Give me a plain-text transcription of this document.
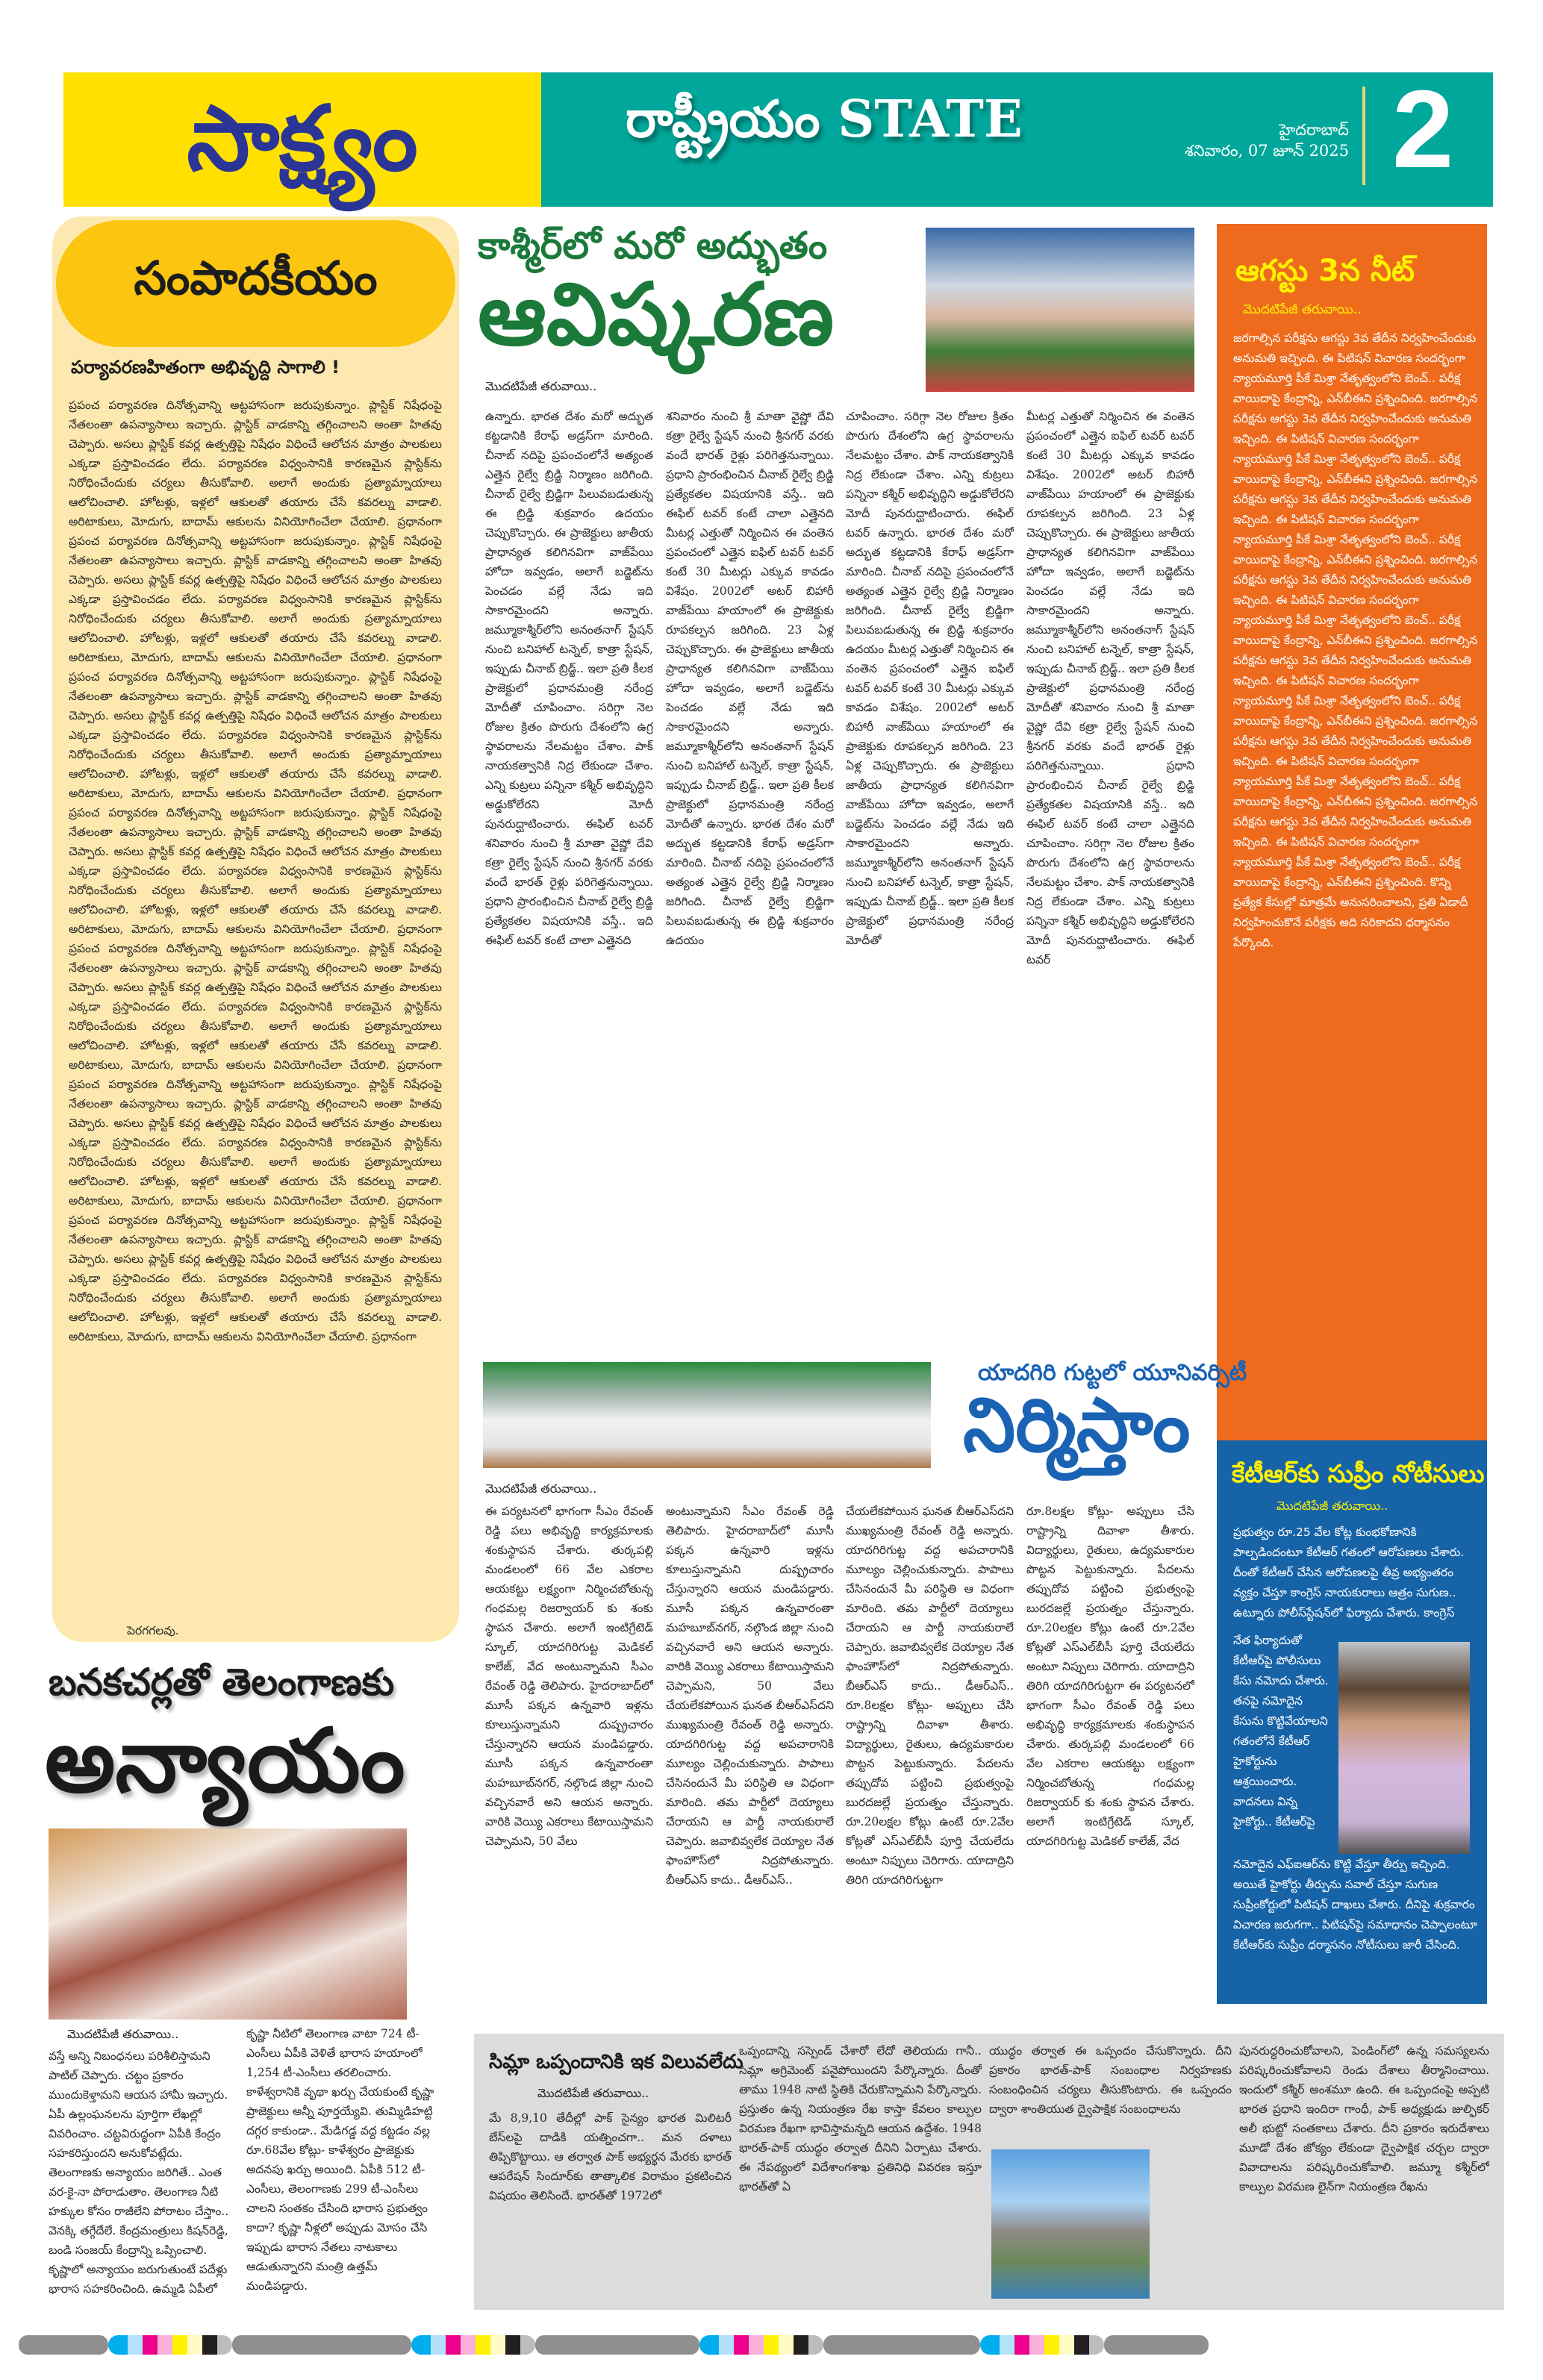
సాక్ష్యం	రాష్ట్రీయం STATE	హైదరాబాద్
శనివారం, 07 జూన్ 2025 2
సంపాదకీయం
పర్యావరణహితంగా అభివృద్ది సాగాలి !
ప్రపంచ పర్యావరణ దినోత్సవాన్ని అట్టహాసంగా జరుపుకున్నాం. ప్లాస్టిక్ నిషేధంపై నేతలంతా ఉపన్యాసాలు ఇచ్చారు. ప్లాస్టిక్ వాడకాన్ని తగ్గించాలని అంతా హితవు చెప్పారు. అసలు ప్లాస్టిక్ కవర్ల ఉత్పత్తిపై నిషేధం విధించే ఆలోచన మాత్రం పాలకులు ఎక్కడా ప్రస్తావించడం లేదు. పర్యావరణ విధ్వంసానికి కారణమైన ప్లాస్టిక్‌ను నిరోధించేందుకు చర్యలు తీసుకోవాలి. అలాగే అందుకు ప్రత్యామ్నాయాలు ఆలోచించాలి. హోటళ్లు, ఇళ్లలో ఆకులతో తయారు చేసే కవరల్ను వాడాలి. అరిటాకులు, మోదుగు, బాదామ్ ఆకులను వినియోగించేలా చేయాలి. ప్రధానంగా ప్రపంచ పర్యావరణ దినోత్సవాన్ని అట్టహాసంగా జరుపుకున్నాం. ప్లాస్టిక్ నిషేధంపై నేతలంతా ఉపన్యాసాలు ఇచ్చారు. ప్లాస్టిక్ వాడకాన్ని తగ్గించాలని అంతా హితవు చెప్పారు. అసలు ప్లాస్టిక్ కవర్ల ఉత్పత్తిపై నిషేధం విధించే ఆలోచన మాత్రం పాలకులు ఎక్కడా ప్రస్తావించడం లేదు. పర్యావరణ విధ్వంసానికి కారణమైన ప్లాస్టిక్‌ను నిరోధించేందుకు చర్యలు తీసుకోవాలి. అలాగే అందుకు ప్రత్యామ్నాయాలు ఆలోచించాలి. హోటళ్లు, ఇళ్లలో ఆకులతో తయారు చేసే కవరల్ను వాడాలి. అరిటాకులు, మోదుగు, బాదామ్ ఆకులను వినియోగించేలా చేయాలి. ప్రధానంగా ప్రపంచ పర్యావరణ దినోత్సవాన్ని అట్టహాసంగా జరుపుకున్నాం. ప్లాస్టిక్ నిషేధంపై నేతలంతా ఉపన్యాసాలు ఇచ్చారు. ప్లాస్టిక్ వాడకాన్ని తగ్గించాలని అంతా హితవు చెప్పారు. అసలు ప్లాస్టిక్ కవర్ల ఉత్పత్తిపై నిషేధం విధించే ఆలోచన మాత్రం పాలకులు ఎక్కడా ప్రస్తావించడం లేదు. పర్యావరణ విధ్వంసానికి కారణమైన ప్లాస్టిక్‌ను నిరోధించేందుకు చర్యలు తీసుకోవాలి. అలాగే అందుకు ప్రత్యామ్నాయాలు ఆలోచించాలి. హోటళ్లు, ఇళ్లలో ఆకులతో తయారు చేసే కవరల్ను వాడాలి. అరిటాకులు, మోదుగు, బాదామ్ ఆకులను వినియోగించేలా చేయాలి. ప్రధానంగా ప్రపంచ పర్యావరణ దినోత్సవాన్ని అట్టహాసంగా జరుపుకున్నాం. ప్లాస్టిక్ నిషేధంపై నేతలంతా ఉపన్యాసాలు ఇచ్చారు. ప్లాస్టిక్ వాడకాన్ని తగ్గించాలని అంతా హితవు చెప్పారు. అసలు ప్లాస్టిక్ కవర్ల ఉత్పత్తిపై నిషేధం విధించే ఆలోచన మాత్రం పాలకులు ఎక్కడా ప్రస్తావించడం లేదు. పర్యావరణ విధ్వంసానికి కారణమైన ప్లాస్టిక్‌ను నిరోధించేందుకు చర్యలు తీసుకోవాలి. అలాగే అందుకు ప్రత్యామ్నాయాలు ఆలోచించాలి. హోటళ్లు, ఇళ్లలో ఆకులతో తయారు చేసే కవరల్ను వాడాలి. అరిటాకులు, మోదుగు, బాదామ్ ఆకులను వినియోగించేలా చేయాలి. ప్రధానంగా ప్రపంచ పర్యావరణ దినోత్సవాన్ని అట్టహాసంగా జరుపుకున్నాం. ప్లాస్టిక్ నిషేధంపై నేతలంతా ఉపన్యాసాలు ఇచ్చారు. ప్లాస్టిక్ వాడకాన్ని తగ్గించాలని అంతా హితవు చెప్పారు. అసలు ప్లాస్టిక్ కవర్ల ఉత్పత్తిపై నిషేధం విధించే ఆలోచన మాత్రం పాలకులు ఎక్కడా ప్రస్తావించడం లేదు. పర్యావరణ విధ్వంసానికి కారణమైన ప్లాస్టిక్‌ను నిరోధించేందుకు చర్యలు తీసుకోవాలి. అలాగే అందుకు ప్రత్యామ్నాయాలు ఆలోచించాలి. హోటళ్లు, ఇళ్లలో ఆకులతో తయారు చేసే కవరల్ను వాడాలి. అరిటాకులు, మోదుగు, బాదామ్ ఆకులను వినియోగించేలా చేయాలి. ప్రధానంగా ప్రపంచ పర్యావరణ దినోత్సవాన్ని అట్టహాసంగా జరుపుకున్నాం. ప్లాస్టిక్ నిషేధంపై నేతలంతా ఉపన్యాసాలు ఇచ్చారు. ప్లాస్టిక్ వాడకాన్ని తగ్గించాలని అంతా హితవు చెప్పారు. అసలు ప్లాస్టిక్ కవర్ల ఉత్పత్తిపై నిషేధం విధించే ఆలోచన మాత్రం పాలకులు ఎక్కడా ప్రస్తావించడం లేదు. పర్యావరణ విధ్వంసానికి కారణమైన ప్లాస్టిక్‌ను నిరోధించేందుకు చర్యలు తీసుకోవాలి. అలాగే అందుకు ప్రత్యామ్నాయాలు ఆలోచించాలి. హోటళ్లు, ఇళ్లలో ఆకులతో తయారు చేసే కవరల్ను వాడాలి. అరిటాకులు, మోదుగు, బాదామ్ ఆకులను వినియోగించేలా చేయాలి. ప్రధానంగా ప్రపంచ పర్యావరణ దినోత్సవాన్ని అట్టహాసంగా జరుపుకున్నాం. ప్లాస్టిక్ నిషేధంపై నేతలంతా ఉపన్యాసాలు ఇచ్చారు. ప్లాస్టిక్ వాడకాన్ని తగ్గించాలని అంతా హితవు చెప్పారు. అసలు ప్లాస్టిక్ కవర్ల ఉత్పత్తిపై నిషేధం విధించే ఆలోచన మాత్రం పాలకులు ఎక్కడా ప్రస్తావించడం లేదు. పర్యావరణ విధ్వంసానికి కారణమైన ప్లాస్టిక్‌ను నిరోధించేందుకు చర్యలు తీసుకోవాలి. అలాగే అందుకు ప్రత్యామ్నాయాలు ఆలోచించాలి. హోటళ్లు, ఇళ్లలో ఆకులతో తయారు చేసే కవరల్ను వాడాలి. అరిటాకులు, మోదుగు, బాదామ్ ఆకులను వినియోగించేలా చేయాలి. ప్రధానంగా
పెరగగలవు.
కాశ్మీర్‌లో మరో అద్భుతం
ఆవిష్కరణ
మొదటిపేజీ తరువాయి..
ఉన్నారు. భారత దేశం మరో అద్భుత కట్టడానికి కేరాఫ్ అడ్రస్‌గా మారింది. చీనాబ్ నదిపై ప్రపంచంలోనే అత్యంత ఎత్తైన రైల్వే బ్రిడ్జి నిర్మాణం జరిగింది. చీనాబ్ రైల్వే బ్రిడ్జిగా పిలువబడుతున్న ఈ బ్రిడ్జి శుక్రవారం ఉదయం చెప్పుకొచ్చారు. ఈ ప్రాజెక్టులు జాతీయ ప్రాధాన్యత కలిగినవిగా వాజ్‌పేయి హోదా ఇవ్వడం, అలాగే బడ్జెట్‌ను పెంచడం వల్లే నేడు ఇది సాకారమైందని అన్నారు. జమ్మూకాశ్మీర్‌లోని అనంతనాగ్ స్టేషన్ నుంచి బనిహాల్ టన్నెల్, కాత్రా స్టేషన్, ఇప్పుడు చీనాబ్ బ్రిడ్జ్.. ఇలా ప్రతి కీలక ప్రాజెక్టులో ప్రధానమంత్రి నరేంద్ర మోదీతో చూపించాం. సరిగ్గా నెల రోజుల క్రితం పొరుగు దేశంలోని ఉగ్ర స్థావరాలను నేలమట్టం చేశాం. పాక్ నాయకత్వానికి నిద్ర లేకుండా చేశాం. ఎన్ని కుట్రలు పన్నినా కశ్మీర్ అభివృద్ధిని అడ్డుకోలేరని మోదీ పునరుద్ఘాటించారు. ఈఫిల్ టవర్ శనివారం నుంచి శ్రీ మాతా వైష్ణో దేవి కత్రా రైల్వే స్టేషన్ నుంచి శ్రీనగర్ వరకు వందే భారత్ రైళ్లు పరిగెత్తనున్నాయి. ప్రధాని ప్రారంభించిన చీనాబ్ రైల్వే బ్రిడ్జి ప్రత్యేకతల విషయానికి వస్తే.. ఇది ఈఫిల్ టవర్ కంటే చాలా ఎత్తైనది
శనివారం నుంచి శ్రీ మాతా వైష్ణో దేవి కత్రా రైల్వే స్టేషన్ నుంచి శ్రీనగర్ వరకు వందే భారత్ రైళ్లు పరిగెత్తనున్నాయి. ప్రధాని ప్రారంభించిన చీనాబ్ రైల్వే బ్రిడ్జి ప్రత్యేకతల విషయానికి వస్తే.. ఇది ఈఫిల్ టవర్ కంటే చాలా ఎత్తైనది మీటర్ల ఎత్తుతో నిర్మించిన ఈ వంతెన ప్రపంచంలో ఎత్తైన ఐఫిల్ టవర్ టవర్ కంటే 30 మీటర్లు ఎక్కువ కావడం విశేషం. 2002లో అటర్ బిహారీ వాజ్‌పేయి హయాంలో ఈ ప్రాజెక్టుకు రూపకల్పన జరిగింది. 23 ఏళ్ల చెప్పుకొచ్చారు. ఈ ప్రాజెక్టులు జాతీయ ప్రాధాన్యత కలిగినవిగా వాజ్‌పేయి హోదా ఇవ్వడం, అలాగే బడ్జెట్‌ను పెంచడం వల్లే నేడు ఇది సాకారమైందని అన్నారు. జమ్మూకాశ్మీర్‌లోని అనంతనాగ్ స్టేషన్ నుంచి బనిహాల్ టన్నెల్, కాత్రా స్టేషన్, ఇప్పుడు చీనాబ్ బ్రిడ్జ్.. ఇలా ప్రతి కీలక ప్రాజెక్టులో ప్రధానమంత్రి నరేంద్ర మోదీతో ఉన్నారు. భారత దేశం మరో అద్భుత కట్టడానికి కేరాఫ్ అడ్రస్‌గా మారింది. చీనాబ్ నదిపై ప్రపంచంలోనే అత్యంత ఎత్తైన రైల్వే బ్రిడ్జి నిర్మాణం జరిగింది. చీనాబ్ రైల్వే బ్రిడ్జిగా పిలువబడుతున్న ఈ బ్రిడ్జి శుక్రవారం ఉదయం
చూపించాం. సరిగ్గా నెల రోజుల క్రితం పొరుగు దేశంలోని ఉగ్ర స్థావరాలను నేలమట్టం చేశాం. పాక్ నాయకత్వానికి నిద్ర లేకుండా చేశాం. ఎన్ని కుట్రలు పన్నినా కశ్మీర్ అభివృద్ధిని అడ్డుకోలేరని మోదీ పునరుద్ఘాటించారు. ఈఫిల్ టవర్ ఉన్నారు. భారత దేశం మరో అద్భుత కట్టడానికి కేరాఫ్ అడ్రస్‌గా మారింది. చీనాబ్ నదిపై ప్రపంచంలోనే అత్యంత ఎత్తైన రైల్వే బ్రిడ్జి నిర్మాణం జరిగింది. చీనాబ్ రైల్వే బ్రిడ్జిగా పిలువబడుతున్న ఈ బ్రిడ్జి శుక్రవారం ఉదయం మీటర్ల ఎత్తుతో నిర్మించిన ఈ వంతెన ప్రపంచంలో ఎత్తైన ఐఫిల్ టవర్ టవర్ కంటే 30 మీటర్లు ఎక్కువ కావడం విశేషం. 2002లో అటర్ బిహారీ వాజ్‌పేయి హయాంలో ఈ ప్రాజెక్టుకు రూపకల్పన జరిగింది. 23 ఏళ్ల చెప్పుకొచ్చారు. ఈ ప్రాజెక్టులు జాతీయ ప్రాధాన్యత కలిగినవిగా వాజ్‌పేయి హోదా ఇవ్వడం, అలాగే బడ్జెట్‌ను పెంచడం వల్లే నేడు ఇది సాకారమైందని అన్నారు. జమ్మూకాశ్మీర్‌లోని అనంతనాగ్ స్టేషన్ నుంచి బనిహాల్ టన్నెల్, కాత్రా స్టేషన్, ఇప్పుడు చీనాబ్ బ్రిడ్జ్.. ఇలా ప్రతి కీలక ప్రాజెక్టులో ప్రధానమంత్రి నరేంద్ర మోదీతో
మీటర్ల ఎత్తుతో నిర్మించిన ఈ వంతెన ప్రపంచంలో ఎత్తైన ఐఫిల్ టవర్ టవర్ కంటే 30 మీటర్లు ఎక్కువ కావడం విశేషం. 2002లో అటర్ బిహారీ వాజ్‌పేయి హయాంలో ఈ ప్రాజెక్టుకు రూపకల్పన జరిగింది. 23 ఏళ్ల చెప్పుకొచ్చారు. ఈ ప్రాజెక్టులు జాతీయ ప్రాధాన్యత కలిగినవిగా వాజ్‌పేయి హోదా ఇవ్వడం, అలాగే బడ్జెట్‌ను పెంచడం వల్లే నేడు ఇది సాకారమైందని అన్నారు. జమ్మూకాశ్మీర్‌లోని అనంతనాగ్ స్టేషన్ నుంచి బనిహాల్ టన్నెల్, కాత్రా స్టేషన్, ఇప్పుడు చీనాబ్ బ్రిడ్జ్.. ఇలా ప్రతి కీలక ప్రాజెక్టులో ప్రధానమంత్రి నరేంద్ర మోదీతో శనివారం నుంచి శ్రీ మాతా వైష్ణో దేవి కత్రా రైల్వే స్టేషన్ నుంచి శ్రీనగర్ వరకు వందే భారత్ రైళ్లు పరిగెత్తనున్నాయి. ప్రధాని ప్రారంభించిన చీనాబ్ రైల్వే బ్రిడ్జి ప్రత్యేకతల విషయానికి వస్తే.. ఇది ఈఫిల్ టవర్ కంటే చాలా ఎత్తైనది చూపించాం. సరిగ్గా నెల రోజుల క్రితం పొరుగు దేశంలోని ఉగ్ర స్థావరాలను నేలమట్టం చేశాం. పాక్ నాయకత్వానికి నిద్ర లేకుండా చేశాం. ఎన్ని కుట్రలు పన్నినా కశ్మీర్ అభివృద్ధిని అడ్డుకోలేరని మోదీ పునరుద్ఘాటించారు. ఈఫిల్ టవర్
ఆగస్టు 3న నీట్
మొదటిపేజీ తరువాయి..
జరగాల్సిన పరీక్షను ఆగస్టు 3వ తేదీన నిర్వహించేందుకు అనుమతి ఇచ్చింది. ఈ పిటిషన్ విచారణ సందర్భంగా న్యాయమూర్తి పీకే మిశ్రా నేతృత్వంలోని బెంచ్.. పరీక్ష వాయిదాపై కేంద్రాన్ని, ఎన్‌బీఈని ప్రశ్నించింది. జరగాల్సిన పరీక్షను ఆగస్టు 3వ తేదీన నిర్వహించేందుకు అనుమతి ఇచ్చింది. ఈ పిటిషన్ విచారణ సందర్భంగా న్యాయమూర్తి పీకే మిశ్రా నేతృత్వంలోని బెంచ్.. పరీక్ష వాయిదాపై కేంద్రాన్ని, ఎన్‌బీఈని ప్రశ్నించింది. జరగాల్సిన పరీక్షను ఆగస్టు 3వ తేదీన నిర్వహించేందుకు అనుమతి ఇచ్చింది. ఈ పిటిషన్ విచారణ సందర్భంగా న్యాయమూర్తి పీకే మిశ్రా నేతృత్వంలోని బెంచ్.. పరీక్ష వాయిదాపై కేంద్రాన్ని, ఎన్‌బీఈని ప్రశ్నించింది. జరగాల్సిన పరీక్షను ఆగస్టు 3వ తేదీన నిర్వహించేందుకు అనుమతి ఇచ్చింది. ఈ పిటిషన్ విచారణ సందర్భంగా న్యాయమూర్తి పీకే మిశ్రా నేతృత్వంలోని బెంచ్.. పరీక్ష వాయిదాపై కేంద్రాన్ని, ఎన్‌బీఈని ప్రశ్నించింది. జరగాల్సిన పరీక్షను ఆగస్టు 3వ తేదీన నిర్వహించేందుకు అనుమతి ఇచ్చింది. ఈ పిటిషన్ విచారణ సందర్భంగా న్యాయమూర్తి పీకే మిశ్రా నేతృత్వంలోని బెంచ్.. పరీక్ష వాయిదాపై కేంద్రాన్ని, ఎన్‌బీఈని ప్రశ్నించింది. జరగాల్సిన పరీక్షను ఆగస్టు 3వ తేదీన నిర్వహించేందుకు అనుమతి ఇచ్చింది. ఈ పిటిషన్ విచారణ సందర్భంగా న్యాయమూర్తి పీకే మిశ్రా నేతృత్వంలోని బెంచ్.. పరీక్ష వాయిదాపై కేంద్రాన్ని, ఎన్‌బీఈని ప్రశ్నించింది. జరగాల్సిన పరీక్షను ఆగస్టు 3వ తేదీన నిర్వహించేందుకు అనుమతి ఇచ్చింది. ఈ పిటిషన్ విచారణ సందర్భంగా న్యాయమూర్తి పీకే మిశ్రా నేతృత్వంలోని బెంచ్.. పరీక్ష వాయిదాపై కేంద్రాన్ని, ఎన్‌బీఈని ప్రశ్నించింది. కొన్ని ప్రత్యేక కేసుల్లో మాత్రమే అనుసరించాలని, ప్రతి ఏడాదీ నిర్వహించుకొనే పరీక్షకు అది సరికాదని ధర్మాసనం పేర్కొంది.
కేటీఆర్‌కు సుప్రీం నోటీసులు
మొదటిపేజీ తరువాయి..
ప్రభుత్వం రూ.25 వేల కోట్ల కుంభకోణానికి పాల్పడిందంటూ కేటీఆర్ గతంలో ఆరోపణలు చేశారు. దీంతో కేటీఆర్ చేసిన ఆరోపణలపై తీవ్ర అభ్యంతరం వ్యక్తం చేస్తూ కాంగ్రెస్ నాయకురాలు ఆత్రం సుగుణ.. ఉట్నూరు పోలీస్‌స్టేషన్‌లో ఫిర్యాదు చేశారు. కాంగ్రెస్
నేత ఫిర్యాదుతో కేటీఆర్‌పై పోలీసులు కేసు నమోదు చేశారు. తనపై నమోదైన కేసును కొట్టివేయాలని గతంలోనే కేటీఆర్ హైకోర్టును ఆశ్రయించారు. వాదనలు విన్న హైకోర్టు.. కేటీఆర్‌పై
నమోదైన ఎఫ్ఐఆర్‌ను కొట్టి వేస్తూ తీర్పు ఇచ్చింది. అయితే హైకోర్టు తీర్పును సవాల్ చేస్తూ సుగుణ సుప్రీంకోర్టులో పిటిషన్ దాఖలు చేశారు. దీనిపై శుక్రవారం విచారణ జరుగగా.. పిటిషన్‌పై సమాధానం చెప్పాలంటూ కేటీఆర్‌కు సుప్రీం ధర్మాసనం నోటీసులు జారీ చేసింది.
యాదగిరి గుట్టలో యూనివర్సిటీ
నిర్మిస్తాం
మొదటిపేజీ తరువాయి..
ఈ పర్యటనలో భాగంగా సీఎం రేవంత్ రెడ్డి పలు అభివృద్ధి కార్యక్రమాలకు శంకుస్థాపన చేశారు. తుర్కపల్లి మండలంలో 66 వేల ఎకరాల ఆయకట్టు లక్ష్యంగా నిర్మించబోతున్న గంధమల్ల రిజర్వాయర్ కు శంకు స్థాపన చేశారు. అలాగే ఇంటిగ్రేటెడ్ స్కూల్, యాదగిరిగుట్ట మెడికల్ కాలేజ్, వేద అంటున్నామని సీఎం రేవంత్ రెడ్డి తెలిపారు. హైదరాబాద్‌లో మూసీ పక్కన ఉన్నవారి ఇళ్లను కూలుస్తున్నామని దుష్ప్రచారం చేస్తున్నారని ఆయన మండిపడ్డారు. మూసీ పక్కన ఉన్నవారంతా మహబూబ్‌నగర్, నల్గొండ జిల్లా నుంచి వచ్చినవారే అని ఆయన అన్నారు. వారికి వెయ్యి ఎకరాలు కేటాయిస్తామని చెప్పామని, 50 వేలు
అంటున్నామని సీఎం రేవంత్ రెడ్డి తెలిపారు. హైదరాబాద్‌లో మూసీ పక్కన ఉన్నవారి ఇళ్లను కూలుస్తున్నామని దుష్ప్రచారం చేస్తున్నారని ఆయన మండిపడ్డారు. మూసీ పక్కన ఉన్నవారంతా మహబూబ్‌నగర్, నల్గొండ జిల్లా నుంచి వచ్చినవారే అని ఆయన అన్నారు. వారికి వెయ్యి ఎకరాలు కేటాయిస్తామని చెప్పామని, 50 వేలు చేయలేకపోయిన ఘనత బీఆర్ఎస్‌దని ముఖ్యమంత్రి రేవంత్ రెడ్డి అన్నారు. యాదగిరిగుట్ట వద్ద అపచారానికి మూల్యం చెల్లించుకున్నారు. పాపాలు చేసినందునే మీ పరిస్థితి ఆ విధంగా మారింది. తమ పార్టీలో దెయ్యాలు చేరాయని ఆ పార్టీ నాయకురాలే చెప్పారు. జవాబివ్వలేక దెయ్యాల నేత ఫాంహౌస్‌లో నిద్రపోతున్నారు. బీఆర్ఎస్ కాదు.. డీఆర్ఎస్..
చేయలేకపోయిన ఘనత బీఆర్ఎస్‌దని ముఖ్యమంత్రి రేవంత్ రెడ్డి అన్నారు. యాదగిరిగుట్ట వద్ద అపచారానికి మూల్యం చెల్లించుకున్నారు. పాపాలు చేసినందునే మీ పరిస్థితి ఆ విధంగా మారింది. తమ పార్టీలో దెయ్యాలు చేరాయని ఆ పార్టీ నాయకురాలే చెప్పారు. జవాబివ్వలేక దెయ్యాల నేత ఫాంహౌస్‌లో నిద్రపోతున్నారు. బీఆర్ఎస్ కాదు.. డీఆర్ఎస్.. రూ.8లక్షల కోట్లు- అప్పులు చేసి రాష్ట్రాన్ని దివాళా తీశారు. విద్యార్థులు, రైతులు, ఉద్యమకారుల పొట్టన పెట్టుకున్నారు. పేదలను తప్పుదోవ పట్టించి ప్రభుత్వంపై బురదజల్లే ప్రయత్నం చేస్తున్నారు. రూ.20లక్షల కోట్లు ఉంటే రూ.2వేల కోట్లతో ఎస్ఎల్‌బీసీ పూర్తి చేయలేదు అంటూ నిప్పులు చెరిగారు. యాదాద్రిని తిరిగి యాదగిరిగుట్టగా
రూ.8లక్షల కోట్లు- అప్పులు చేసి రాష్ట్రాన్ని దివాళా తీశారు. విద్యార్థులు, రైతులు, ఉద్యమకారుల పొట్టన పెట్టుకున్నారు. పేదలను తప్పుదోవ పట్టించి ప్రభుత్వంపై బురదజల్లే ప్రయత్నం చేస్తున్నారు. రూ.20లక్షల కోట్లు ఉంటే రూ.2వేల కోట్లతో ఎస్ఎల్‌బీసీ పూర్తి చేయలేదు అంటూ నిప్పులు చెరిగారు. యాదాద్రిని తిరిగి యాదగిరిగుట్టగా ఈ పర్యటనలో భాగంగా సీఎం రేవంత్ రెడ్డి పలు అభివృద్ధి కార్యక్రమాలకు శంకుస్థాపన చేశారు. తుర్కపల్లి మండలంలో 66 వేల ఎకరాల ఆయకట్టు లక్ష్యంగా నిర్మించబోతున్న గంధమల్ల రిజర్వాయర్ కు శంకు స్థాపన చేశారు. అలాగే ఇంటిగ్రేటెడ్ స్కూల్, యాదగిరిగుట్ట మెడికల్ కాలేజ్, వేద
బనకచర్లతో తెలంగాణకు
అన్యాయం
మొదటిపేజీ తరువాయి..
వస్తే అన్ని నిబంధనలు పరిశీలిస్తామని పాటిల్ చెప్పారు. చట్టం ప్రకారం ముందుకెళ్తామని ఆయన హామీ ఇచ్చారు. ఏపీ ఉల్లంఘనలను పూర్తిగా లేఖల్లో వివరించాం. చట్టవిరుద్ధంగా ఏపీకి కేంద్రం సహకరిస్తుందని అనుకోవట్లేదు. తెలంగాణకు అన్యాయం జరిగితే.. ఎంత వర-కై-నా పోరాడుతాం. తెలంగాణ నీటి హక్కుల కోసం రాజీలేని పోరాటం చేస్తాం.. వెనక్కి తగ్గేదేలే. కేంద్రమంత్రులు కిషన్‌రెడ్డి, బండి సంజయ్ కేంద్రాన్ని ఒప్పించాలి. కృష్ణాలో అన్యాయం జరుగుతుంటే పదేళ్లు భారాస సహకరించింది. ఉమ్మడి ఏపీలో
కృష్ణా నీటిలో తెలంగాణ వాటా 724 టీ-ఎంసీలు ఏపీకి వెళితే భారాస హయాంలో 1,254 టీ-ఎంసీలు తరలించారు. కాళేశ్వరానికి వృథా ఖర్చు చేయకుంటే కృష్ణా ప్రాజెక్టులు అన్నీ పూర్తయ్యేవి. తుమ్మిడిహట్టి దగ్గర కాకుండా.. మేడిగడ్డ వద్ద కట్టడం వల్ల రూ.68వేల కోట్లు- కాళేశ్వరం ప్రాజెక్టుకు అదనపు ఖర్చు అయింది. ఏపీకి 512 టీ-ఎంసీలు, తెలంగాణకు 299 టీ-ఎంసీలు చాలని సంతకం చేసింది భారాస ప్రభుత్వం కాదా? కృష్ణా నీళ్లలో అప్పుడు మోసం చేసి ఇప్పుడు భారాస నేతలు నాటకాలు ఆడుతున్నారని మంత్రి ఉత్తమ్ మండిపడ్డారు.
సిమ్లా ఒప్పందానికి ఇక విలువలేదు
మొదటిపేజీ తరువాయి..
మే 8,9,10 తేదీల్లో పాక్ సైన్యం భారత మిలిటరీ బేస్‌లపై దాడికి యత్నించగా.. మన దళాలు తిప్పికొట్టాయి. ఆ తర్వాత పాక్ అభ్యర్థన మేరకు భారత్ ఆపరేషన్ సిందూర్‌కు తాత్కాలిక విరామం ప్రకటించిన విషయం తెలిసిందే. భారత్‌తో 1972లో
ఒప్పందాన్ని సస్పెండ్ చేశారో లేదో తెలియదు గానీ.. సిమ్లా అగ్రిమెంట్ పనైపోయిందని పేర్కొన్నారు. దీంతో తాము 1948 నాటి స్థితికి చేరుకొన్నామని పేర్కొన్నారు. ప్రస్తుతం ఉన్న నియంత్రణ రేఖ కాస్తా కేవలం కాల్పుల విరమణ రేఖగా భావిస్తామన్నది ఆయన ఉద్దేశం. 1948 భారత్-పాక్ యుద్ధం తర్వాత దీనిని ఏర్పాటు చేశారు. ఈ నేపథ్యంలో విదేశాంగశాఖ ప్రతినిధి వివరణ ఇస్తూ భారత్‌తో ఏ
యుద్ధం తర్వాత ఈ ఒప్పందం చేసుకొన్నారు. దీని ప్రకారం భారత్-పాక్ సంబంధాల నిర్వహణకు సంబంధించిన చర్యలు తీసుకొంటారు. ఈ ఒప్పందం ద్వారా శాంతియుత ద్వైపాక్షిక సంబంధాలను
పునరుద్ధరించుకోవాలని, పెండింగ్‌లో ఉన్న సమస్యలను పరిష్కరించుకోవాలని రెండు దేశాలు తీర్మానించాయి. ఇందులో కశ్మీర్ అంశమూ ఉంది. ఈ ఒప్పందంపై అప్పటి భారత ప్రధాని ఇందిరా గాంధీ, పాక్ అధ్యక్షుడు జుల్ఫికర్ అలీ భుట్టో సంతకాలు చేశారు. దీని ప్రకారం ఇరుదేశాలు మూడో దేశం జోక్యం లేకుండా ద్వైపాక్షిక చర్చల ద్వారా వివాదాలను పరిష్కరించుకోవాలి. జమ్మూ కశ్మీర్‌లో కాల్పుల విరమణ లైన్‌గా నియంత్రణ రేఖను
